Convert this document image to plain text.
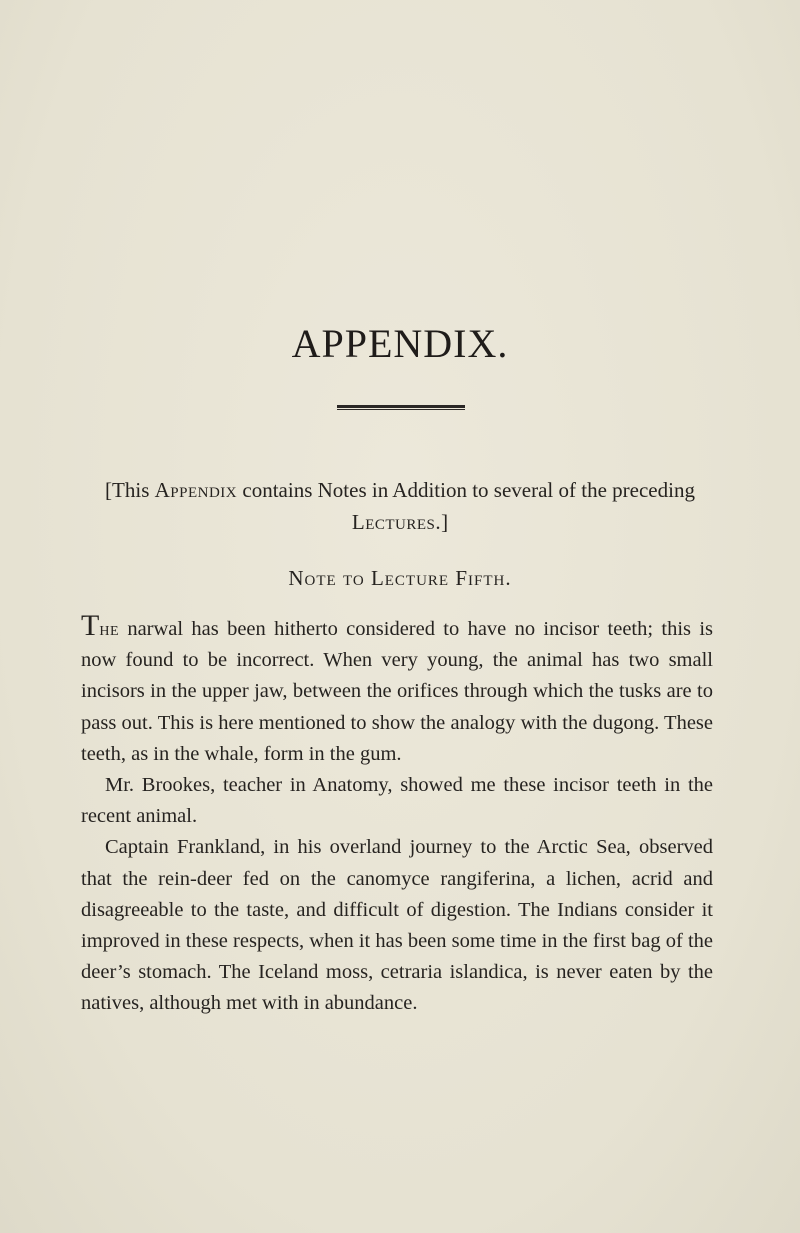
APPENDIX.

[This Appendix contains Notes in Addition to several of the preceding Lectures.]

Note to Lecture Fifth.

The narwal has been hitherto considered to have no incisor teeth; this is now found to be incorrect. When very young, the animal has two small incisors in the upper jaw, between the orifices through which the tusks are to pass out. This is here mentioned to show the analogy with the dugong. These teeth, as in the whale, form in the gum.

Mr. Brookes, teacher in Anatomy, showed me these incisor teeth in the recent animal.

Captain Frankland, in his overland journey to the Arctic Sea, observed that the rein-deer fed on the canomyce rangiferina, a lichen, acrid and disagreeable to the taste, and difficult of digestion. The Indians consider it improved in these respects, when it has been some time in the first bag of the deer’s stomach. The Iceland moss, cetraria islandica, is never eaten by the natives, although met with in abundance.
